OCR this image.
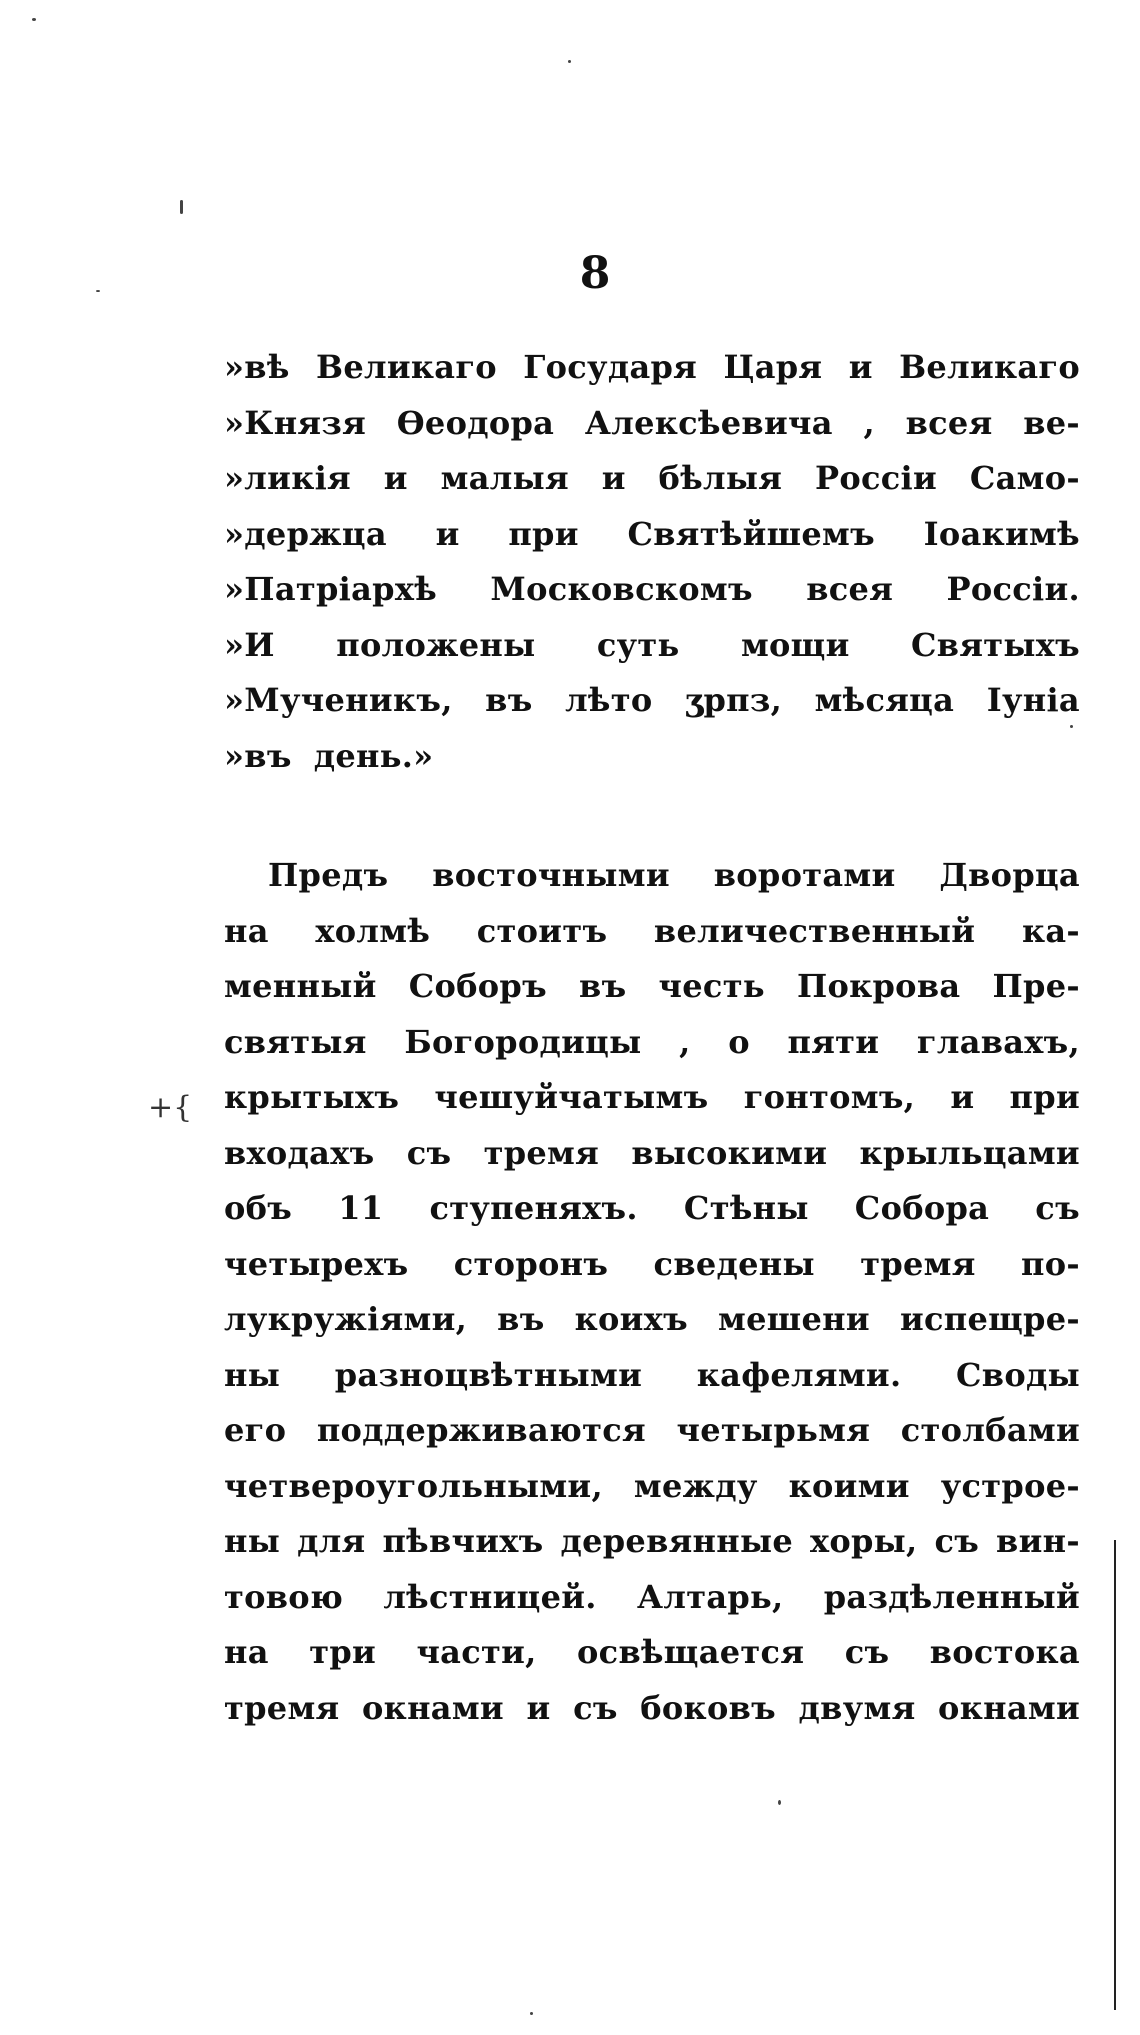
8
»вѣ Великаго Государя Царя и Великаго
»Князя Ѳеодора Алексѣевича , всея ве-
»ликiя и малыя и бѣлыя Россiи Само-
»держца и при Святѣйшемъ Iоакимѣ
»Патрiархѣ Московскомъ всея Россiи.
»И положены суть мощи Святыхъ
»Мученикъ, въ лѣто ӡрпз, мѣсяца Iунiа
»въ день.»
Предъ восточными воротами Дворца
на холмѣ стоитъ величественный ка-
менный Соборъ въ честь Покрова Пре-
святыя Богородицы , о пяти главахъ,
крытыхъ чешуйчатымъ гонтомъ, и при
входахъ съ тремя высокими крыльцами
объ 11 ступеняхъ. Стѣны Собора съ
четырехъ сторонъ сведены тремя по-
лукружiями, въ коихъ мешени испещре-
ны разноцвѣтными кафелями. Своды
его поддерживаются четырьмя столбами
четвероугольными, между коими устрое-
ны для пѣвчихъ деревянные хоры, съ вин-
товою лѣстницей. Алтарь, раздѣленный
на три части, освѣщается съ востока
тремя окнами и съ боковъ двумя окнами
+{
